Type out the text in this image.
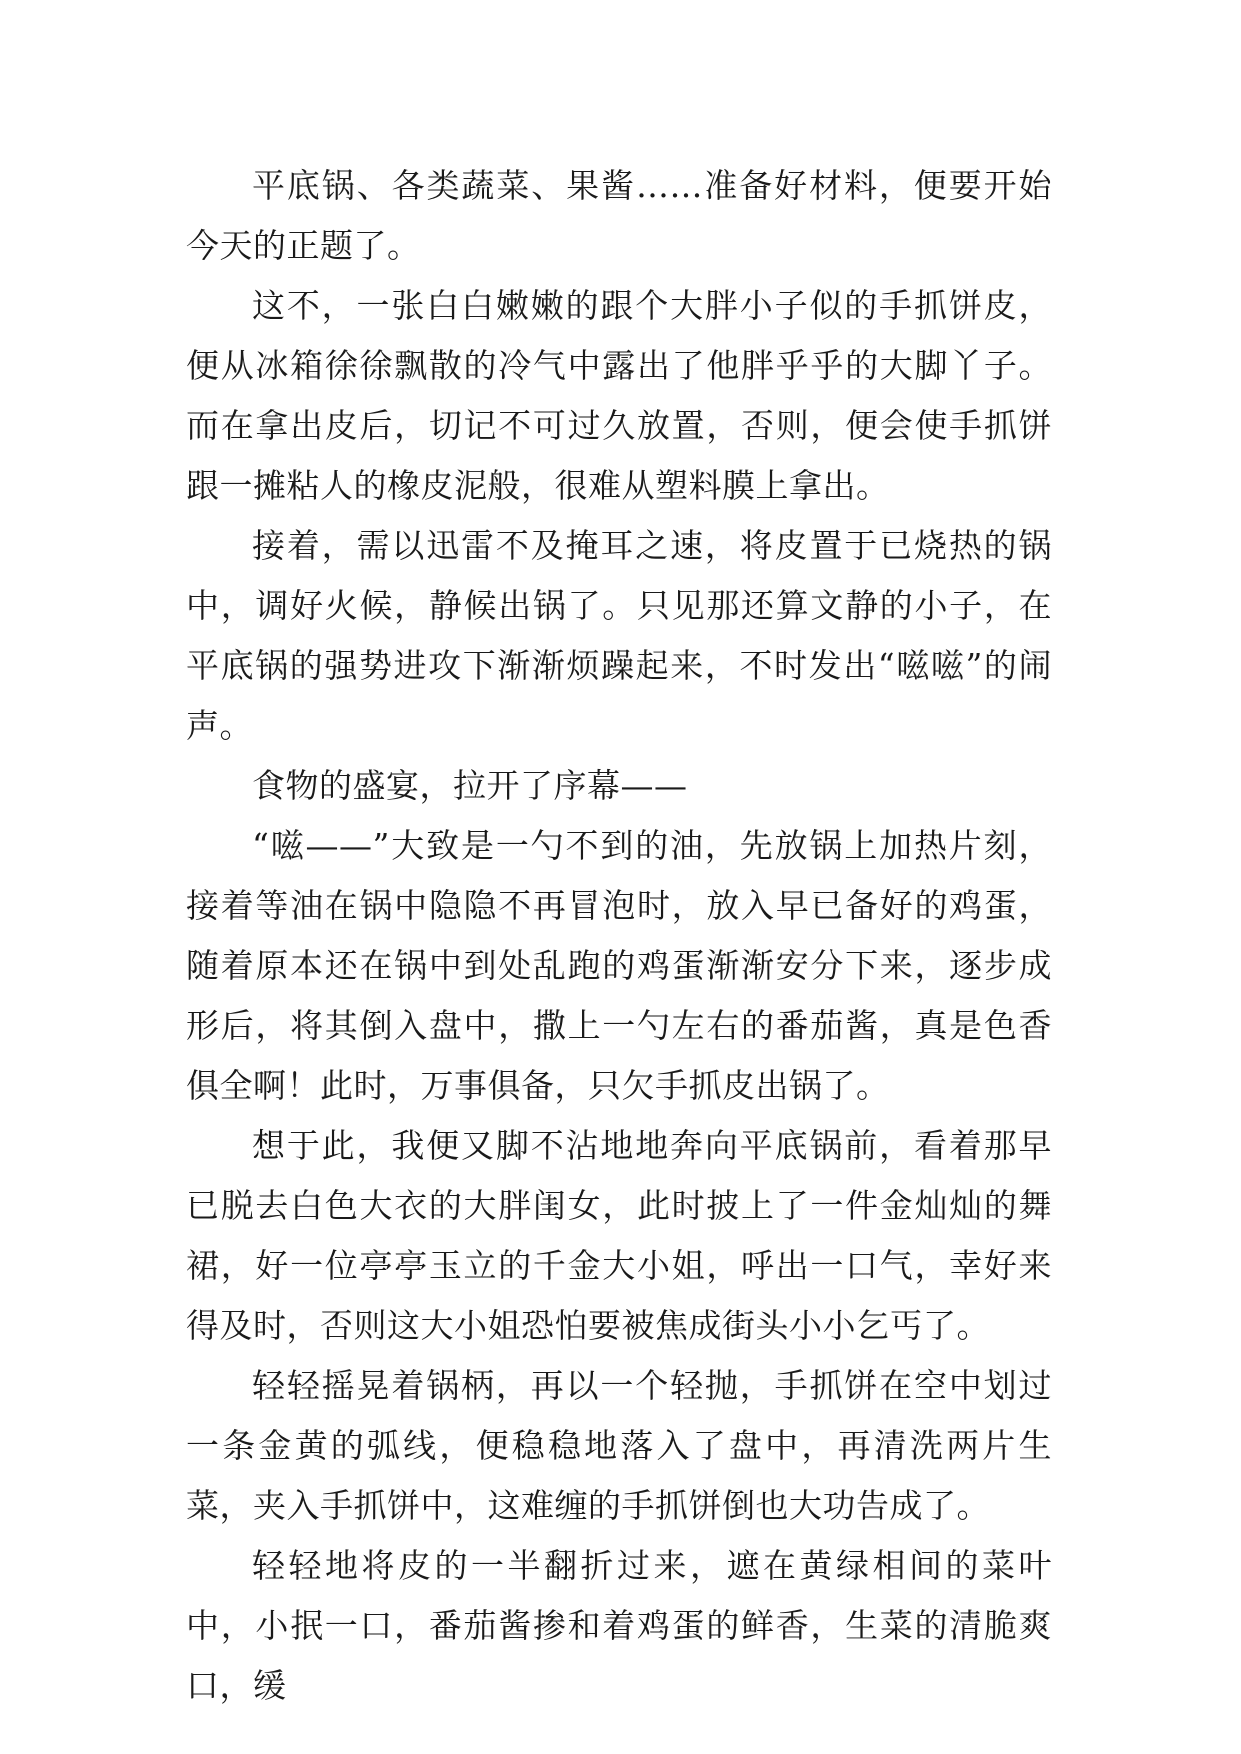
平底锅、各类蔬菜、果酱……准备好材料，便要开始今天的正题了。

这不，一张白白嫩嫩的跟个大胖小子似的手抓饼皮，便从冰箱徐徐飘散的冷气中露出了他胖乎乎的大脚丫子。而在拿出皮后，切记不可过久放置，否则，便会使手抓饼跟一摊粘人的橡皮泥般，很难从塑料膜上拿出。

接着，需以迅雷不及掩耳之速，将皮置于已烧热的锅中，调好火候，静候出锅了。只见那还算文静的小子，在平底锅的强势进攻下渐渐烦躁起来，不时发出“嗞嗞”的闹声。

食物的盛宴，拉开了序幕——

“嗞——”大致是一勺不到的油，先放锅上加热片刻，接着等油在锅中隐隐不再冒泡时，放入早已备好的鸡蛋，随着原本还在锅中到处乱跑的鸡蛋渐渐安分下来，逐步成形后，将其倒入盘中，撒上一勺左右的番茄酱，真是色香俱全啊！此时，万事俱备，只欠手抓皮出锅了。

想于此，我便又脚不沾地地奔向平底锅前，看着那早已脱去白色大衣的大胖闺女，此时披上了一件金灿灿的舞裙，好一位亭亭玉立的千金大小姐，呼出一口气，幸好来得及时，否则这大小姐恐怕要被焦成街头小小乞丐了。

轻轻摇晃着锅柄，再以一个轻抛，手抓饼在空中划过一条金黄的弧线，便稳稳地落入了盘中，再清洗两片生菜，夹入手抓饼中，这难缠的手抓饼倒也大功告成了。

轻轻地将皮的一半翻折过来，遮在黄绿相间的菜叶中，小抿一口，番茄酱掺和着鸡蛋的鲜香，生菜的清脆爽口，缓
